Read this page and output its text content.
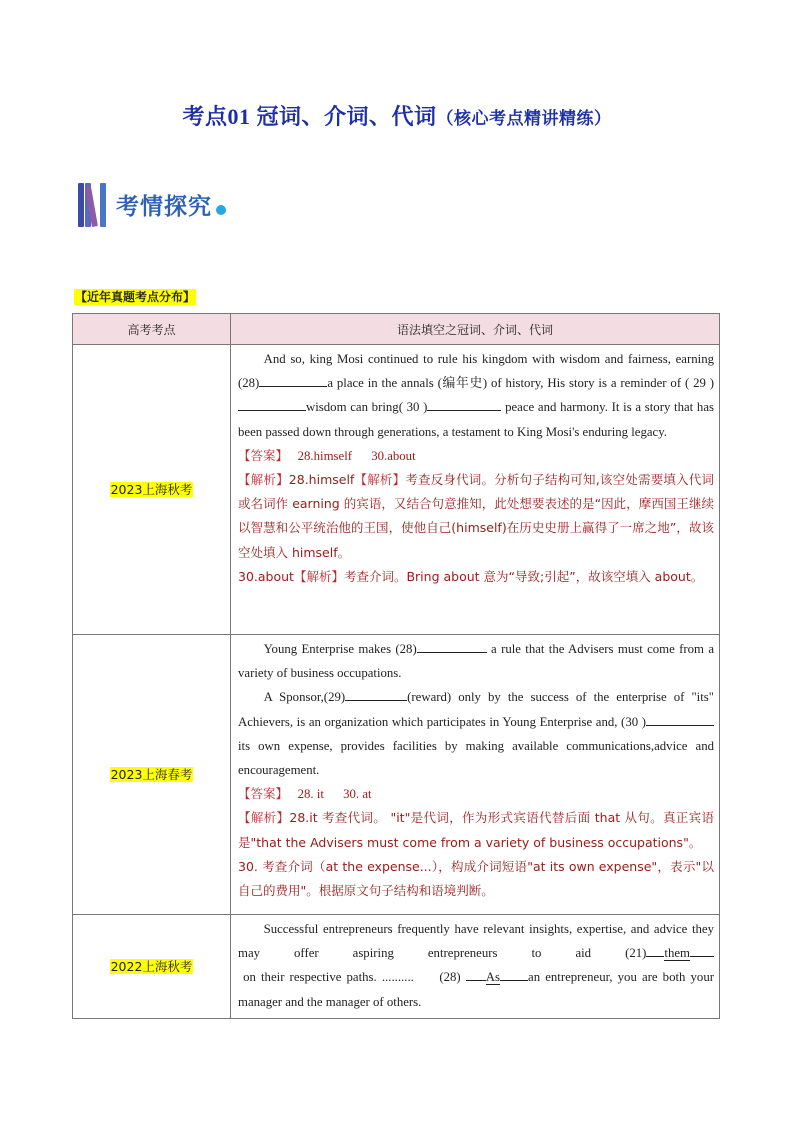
考点01 冠词、介词、代词（核心考点精讲精练）
考情探究
【近年真题考点分布】
高考考点	语法填空之冠词、介词、代词
2023上海秋考	And so, king Mosi continued to rule his kingdom with wisdom and fairness, earning (28) a place in the annals (编年史) of history, His story is a reminder of ( 29 )wisdom can bring( 30 ) peace and harmony. It is a story that has been passed down through generations, a testament to King Mosi's enduring legacy.
【答案】 28.himself      30.about
【解析】28.himself【解析】考查反身代词。分析句子结构可知,该空处需要填入代词或名词作 earning 的宾语，又结合句意推知，此处想要表述的是“因此，摩西国王继续以智慧和公平统治他的王国，使他自己(himself)在历史史册上赢得了一席之地”，故该空处填入 himself。
30.about【解析】考查介词。Bring about 意为“导致;引起”，故该空填入 about。

2023上海春考	Young Enterprise makes (28) a rule that the Advisers must come from a variety of business occupations.
A Sponsor,(29) (reward) only by the success of the enterprise of "its" Achievers, is an organization which participates in Young Enterprise and, (30 ) its own expense, provides facilities by making available communications,advice and encouragement.
【答案】 28. it      30. at
【解析】28.it 考查代词。 "it"是代词，作为形式宾语代替后面 that 从句。真正宾语是"that the Advisers must come from a variety of business occupations"。
30. 考查介词（at the expense...），构成介词短语"at its own expense"，表示"以自己的费用"。根据原文句子结构和语境判断。

2022上海秋考	Successful entrepreneurs frequently have relevant insights, expertise, and advice they may offer aspiring entrepreneurs to aid (21) them on their respective paths. ..........     (28) As an entrepreneur, you are both your manager and the manager of others.
